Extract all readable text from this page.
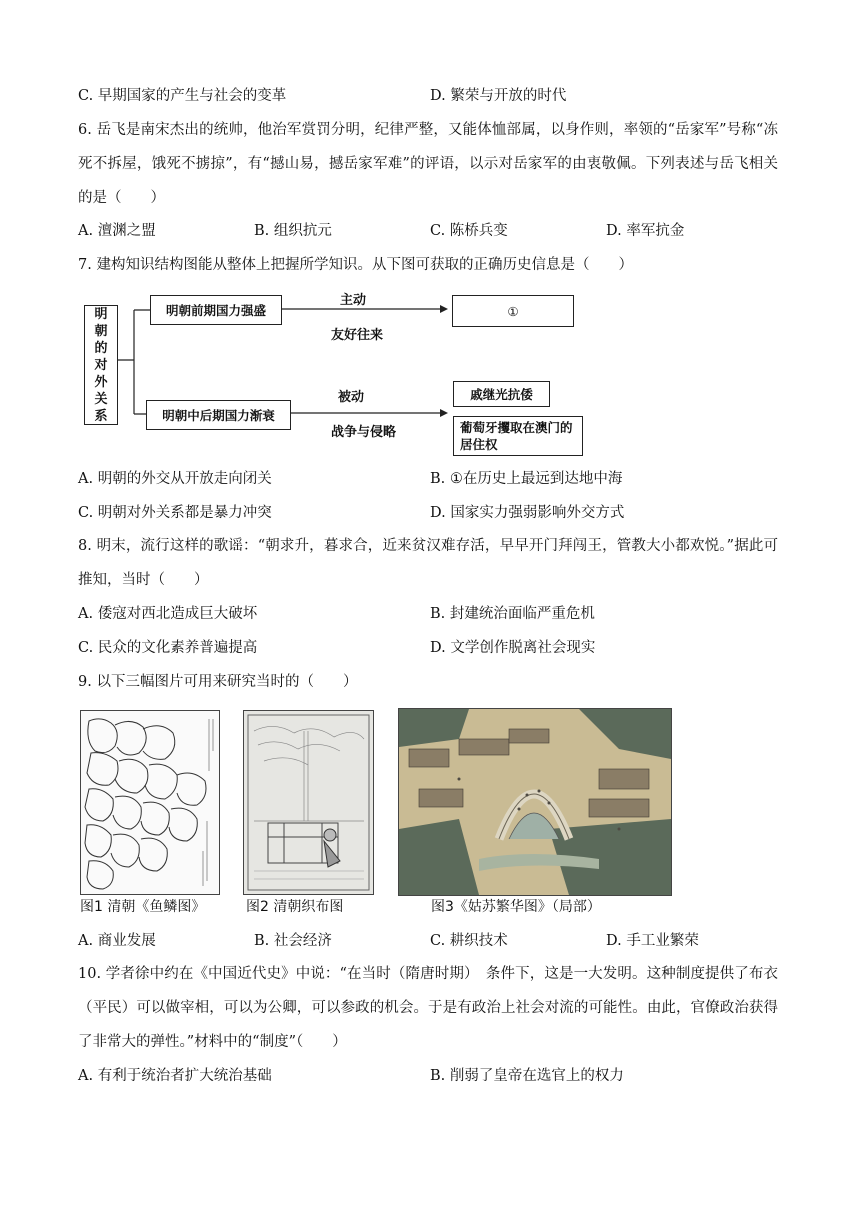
C. 早期国家的产生与社会的变革	D. 繁荣与开放的时代

6. 岳飞是南宋杰出的统帅，他治军赏罚分明，纪律严整，又能体恤部属，以身作则，率领的“岳家军”号称“冻死不拆屋，饿死不掳掠”，有“撼山易，撼岳家军难”的评语，以示对岳家军的由衷敬佩。下列表述与岳飞相关的是（　　）

A. 澶渊之盟	B. 组织抗元	C. 陈桥兵变	D. 率军抗金
7. 建构知识结构图能从整体上把握所学知识。从下图可获取的正确历史信息是（　　）
明朝的对外关系
明朝前期国力强盛
主动
友好往来
①
明朝中后期国力渐衰
被动
战争与侵略
戚继光抗倭
葡萄牙攫取在澳门的居住权
A. 明朝的外交从开放走向闭关	B. ①在历史上最远到达地中海
C. 明朝对外关系都是暴力冲突	D. 国家实力强弱影响外交方式

8. 明末，流行这样的歌谣：“朝求升，暮求合，近来贫汉难存活，早早开门拜闯王，管教大小都欢悦。”据此可推知，当时（　　）

A. 倭寇对西北造成巨大破坏	B. 封建统治面临严重危机
C. 民众的文化素养普遍提高	D. 文学创作脱离社会现实
9. 以下三幅图片可用来研究当时的（　　）
图1 清朝《鱼鳞图》	图2 清朝织布图	图3《姑苏繁华图》（局部）
A. 商业发展	B. 社会经济	C. 耕织技术	D. 手工业繁荣

10. 学者徐中约在《中国近代史》中说：“在当时（隋唐时期）　条件下，这是一大发明。这种制度提供了布衣（平民）可以做宰相，可以为公卿，可以参政的机会。于是有政治上社会对流的可能性。由此，官僚政治获得了非常大的弹性。”材料中的“制度”（　　）

A. 有利于统治者扩大统治基础	B. 削弱了皇帝在选官上的权力
